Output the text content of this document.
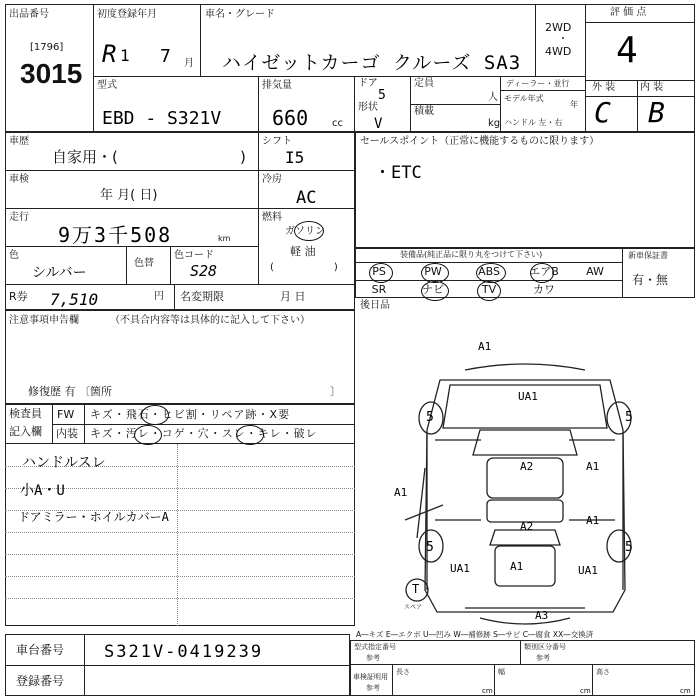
出品番号
[1796]
3015
初度登録年月
R 1 7 月
車名・グレード
ハイゼットカーゴ クルーズ SA3
2WD
・
4WD
評 価 点
4
外 装 内 装
C B
型式
EBD - S321V
排気量
660 cc
ドア
5
形状
V
定員
人
積載
kg
ディーラー・並行
モデル年式
年
ハンドル 左・右
車歴
自家用・(	)
シフト
I5
車検
年 月( 日)
冷房
AC
走行
9万3千508	km
燃料
ガソリン
軽 油
色
シルバー
色替
色コード
S28	(　　　　　　)
R券 7,510	円 名変期限	月 日
セールスポイント（正常に機能するものに限ります）
・ETC
装備品(純正品に限り丸をつけて下さい)	新車保証書
有・無
PS	PW	ABS	エアB	AW
SR	ナビ	TV	カワ
後日品
注意事項申告欄	（不具合内容等は具体的に記入して下さい）
修復歴 有 〔箇所	〕
検査員
記入欄
FW キズ・飛石・ヒビ割・リペア跡・X要
内装 キズ・汚レ・コゲ・穴・スレ・キレ・破レ
ハンドルスレ
小A・U
ドアミラー・ホイルカバーA
A1
UA1
A1
A2
A1
A2	A1
UA1	UA1
A3
A1
5	5
5	5
T
スペア
A―キズ E―エクボ U―凹み W―補修跡 S―サビ C―腐食 XX―交換済
車台番号 S321V-0419239
登録番号
型式指定番号
参考
類別区分番号
参考
車検証明用
参考
長さ
cm
幅
cm
高さ
cm
